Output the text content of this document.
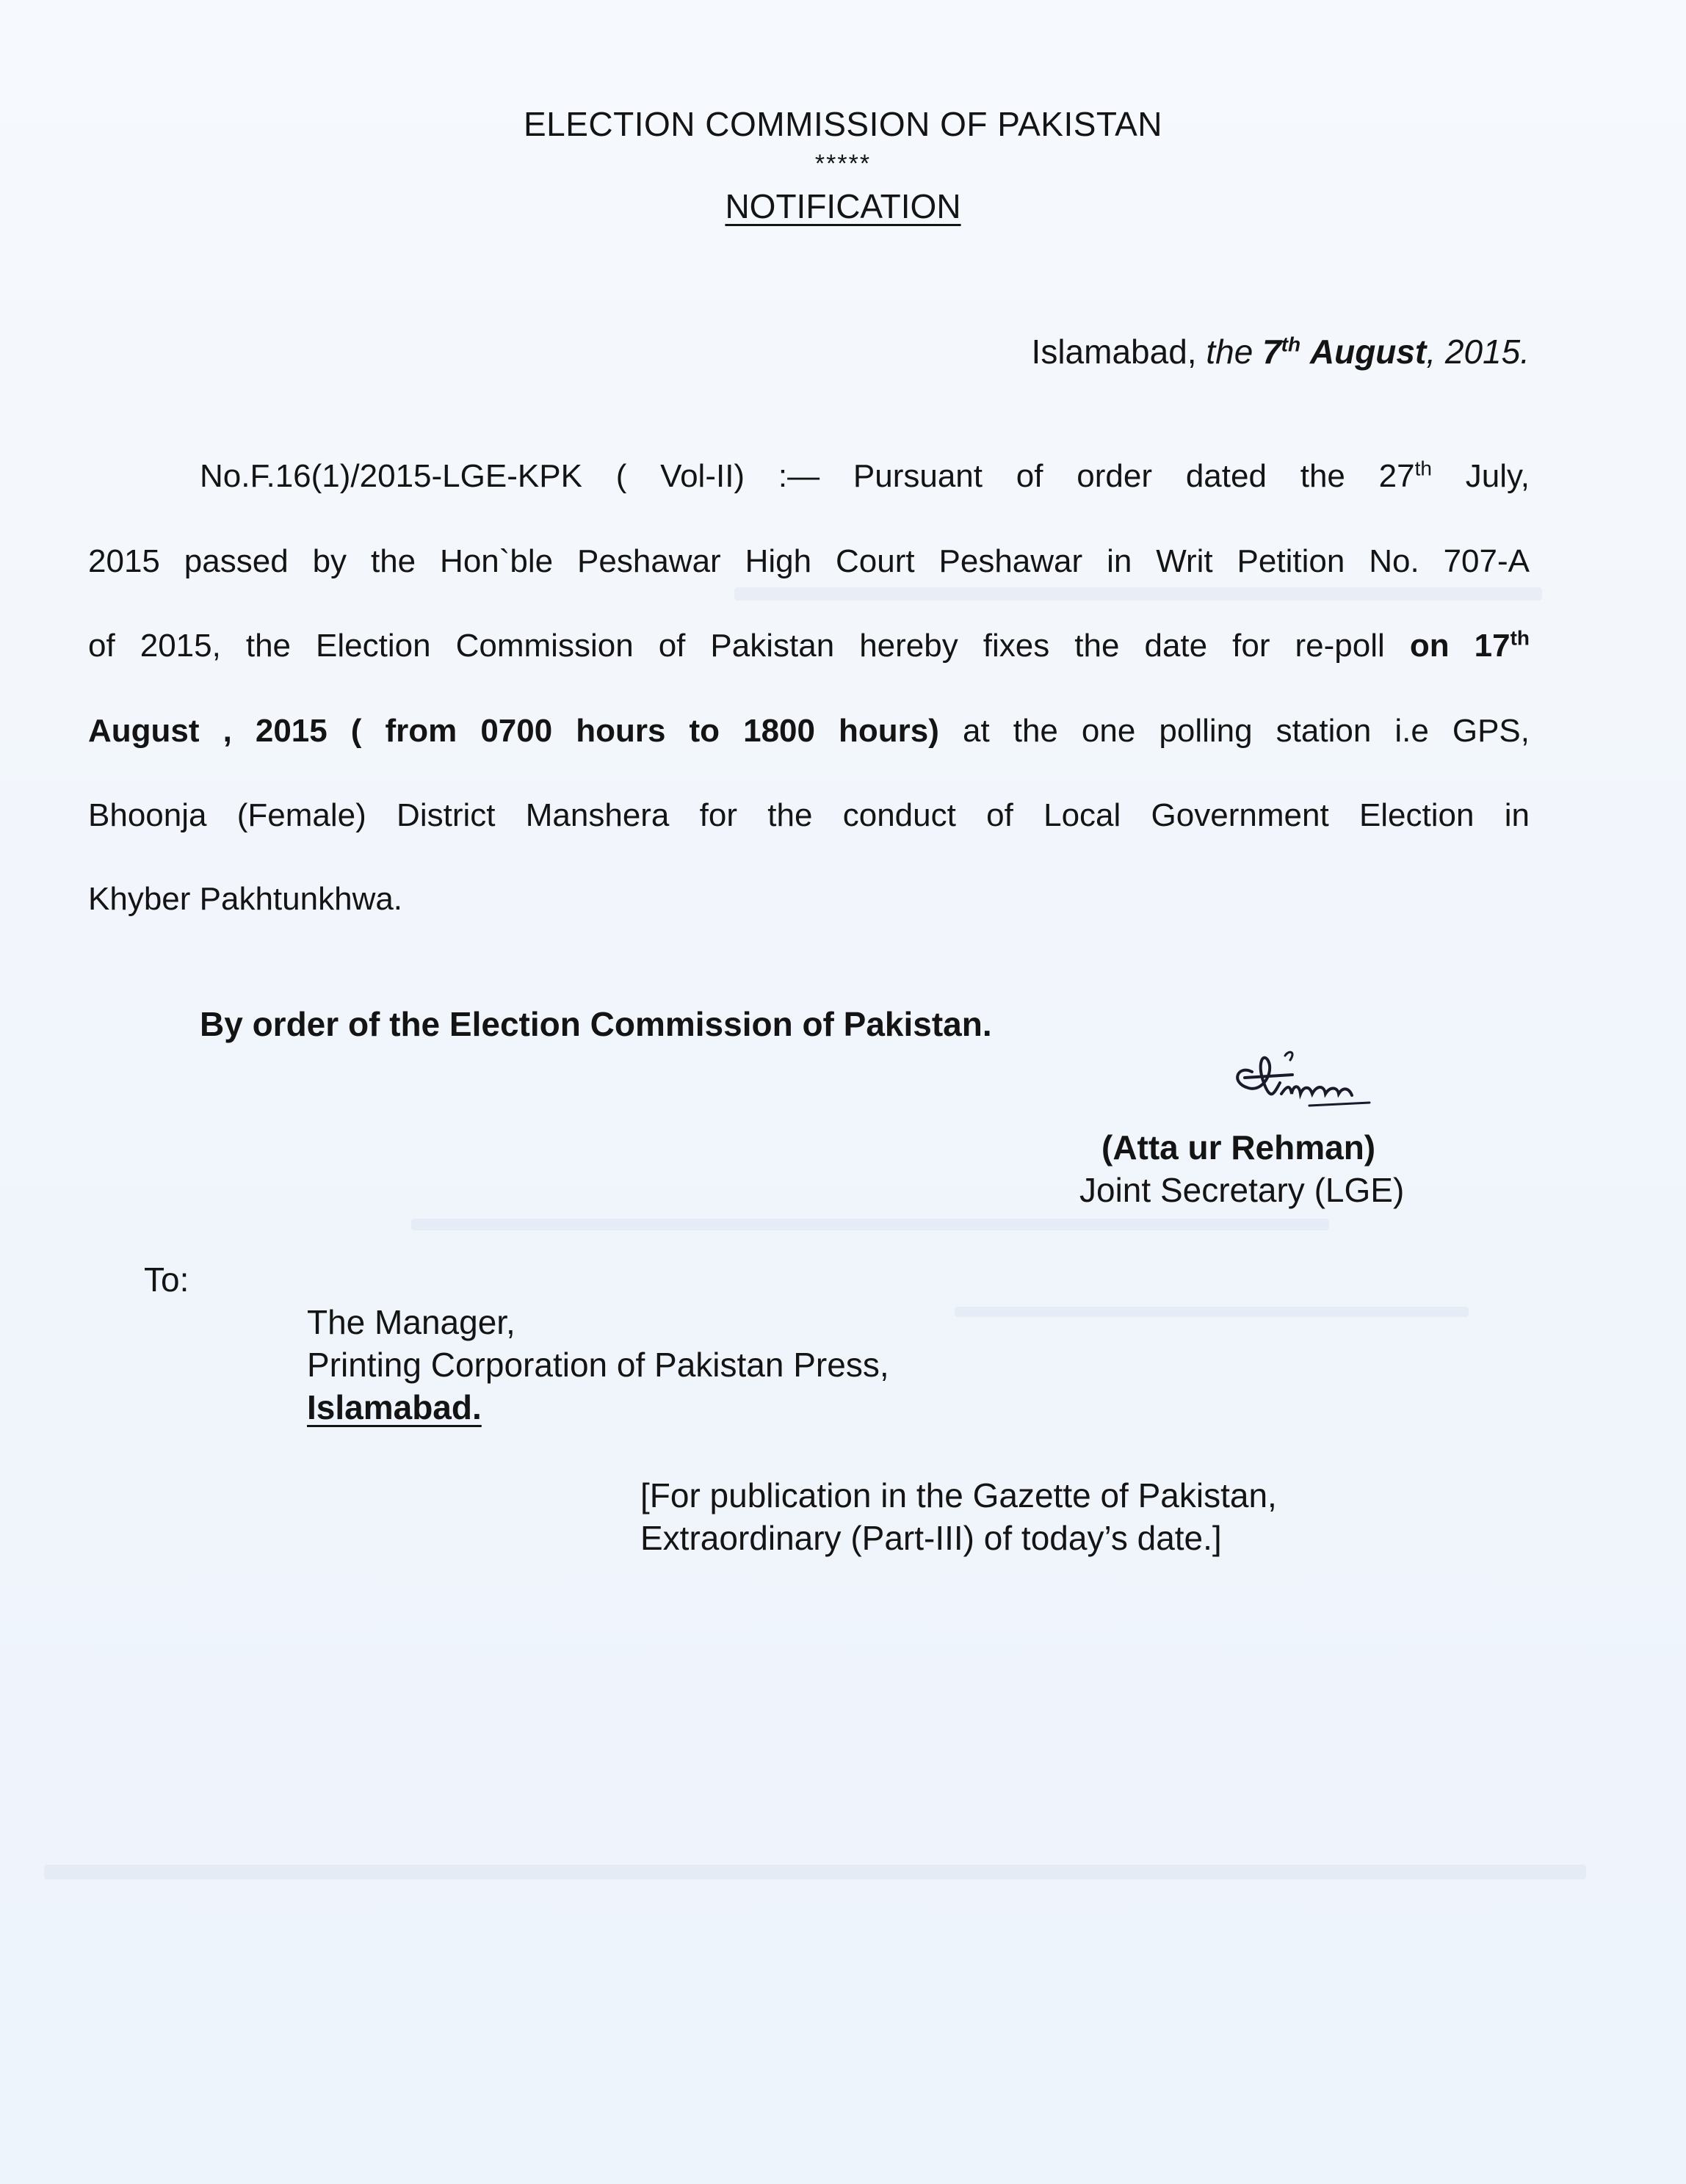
ELECTION COMMISSION OF PAKISTAN
*****
NOTIFICATION
Islamabad, the 7th August, 2015.
No.F.16(1)/2015-LGE-KPK ( Vol-II) :— Pursuant of order dated the 27th July,
2015 passed by the Hon`ble Peshawar High Court Peshawar in Writ Petition No. 707-A
of 2015, the Election Commission of Pakistan hereby fixes the date for re-poll on 17th
August , 2015 ( from 0700 hours to 1800 hours) at the one polling station i.e GPS,
Bhoonja (Female) District Manshera for the conduct of Local Government Election in
Khyber Pakhtunkhwa.
By order of the Election Commission of Pakistan.
(Atta ur Rehman)
Joint Secretary (LGE)
To:
The Manager,
Printing Corporation of Pakistan Press,
Islamabad.
[For publication in the Gazette of Pakistan,
Extraordinary (Part-III) of today’s date.]
